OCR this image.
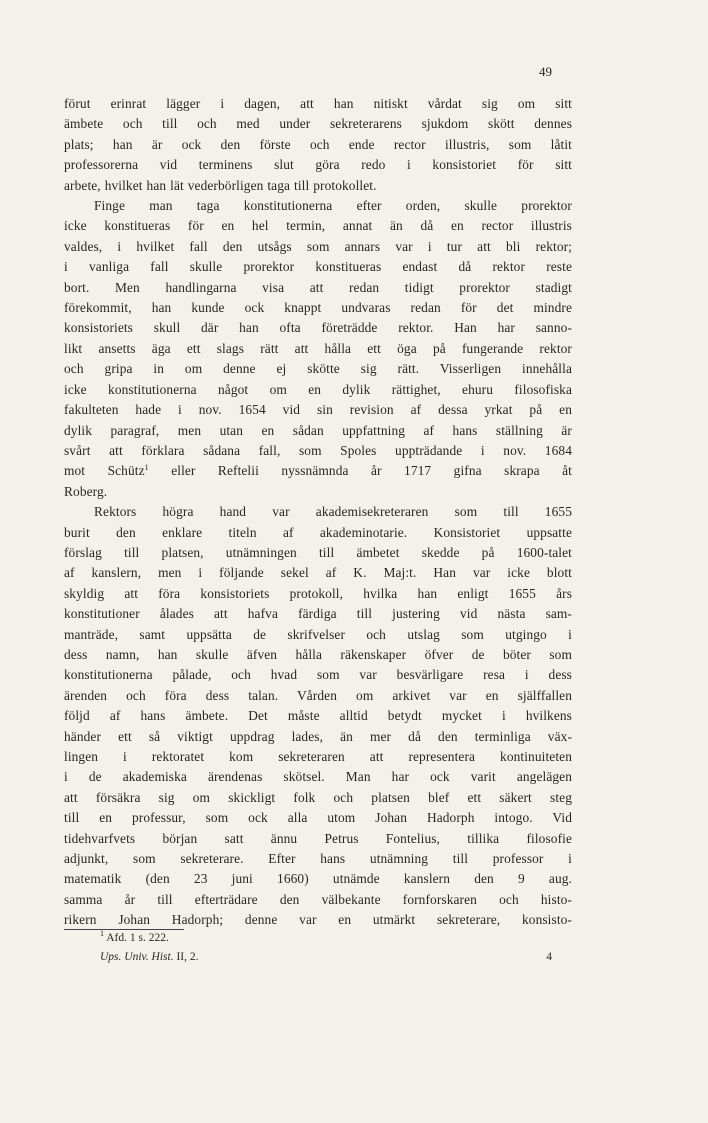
49
förut erinrat lägger i dagen, att han nitiskt vårdat sig om sitt
ämbete och till och med under sekreterarens sjukdom skött dennes
plats; han är ock den förste och ende rector illustris, som låtit
professorerna vid terminens slut göra redo i konsistoriet för sitt
arbete, hvilket han lät vederbörligen taga till protokollet.
Finge man taga konstitutionerna efter orden, skulle prorektor
icke konstitueras för en hel termin, annat än då en rector illustris
valdes, i hvilket fall den utsågs som annars var i tur att bli rektor;
i vanliga fall skulle prorektor konstitueras endast då rektor reste
bort. Men handlingarna visa att redan tidigt prorektor stadigt
förekommit, han kunde ock knappt undvaras redan för det mindre
konsistoriets skull där han ofta företrädde rektor. Han har sanno-
likt ansetts äga ett slags rätt att hålla ett öga på fungerande rektor
och gripa in om denne ej skötte sig rätt. Visserligen innehålla
icke konstitutionerna något om en dylik rättighet, ehuru filosofiska
fakulteten hade i nov. 1654 vid sin revision af dessa yrkat på en
dylik paragraf, men utan en sådan uppfattning af hans ställning är
svårt att förklara sådana fall, som Spoles uppträdande i nov. 1684
mot Schütz$^1$ eller Reftelii nyssnämnda år 1717 gifna skrapa åt
Roberg.
Rektors högra hand var akademisekreteraren som till 1655
burit den enklare titeln af akademinotarie. Konsistoriet uppsatte
förslag till platsen, utnämningen till ämbetet skedde på 1600-talet
af kanslern, men i följande sekel af K. Maj:t. Han var icke blott
skyldig att föra konsistoriets protokoll, hvilka han enligt 1655 års
konstitutioner ålades att hafva färdiga till justering vid nästa sam-
manträde, samt uppsätta de skrifvelser och utslag som utgingo i
dess namn, han skulle äfven hålla räkenskaper öfver de böter som
konstitutionerna pålade, och hvad som var besvärligare resa i dess
ärenden och föra dess talan. Vården om arkivet var en själffallen
följd af hans ämbete. Det måste alltid betydt mycket i hvilkens
händer ett så viktigt uppdrag lades, än mer då den terminliga väx-
lingen i rektoratet kom sekreteraren att representera kontinuiteten
i de akademiska ärendenas skötsel. Man har ock varit angelägen
att försäkra sig om skickligt folk och platsen blef ett säkert steg
till en professur, som ock alla utom Johan Hadorph intogo. Vid
tidehvarfvets början satt ännu Petrus Fontelius, tillika filosofie
adjunkt, som sekreterare. Efter hans utnämning till professor i
matematik (den 23 juni 1660) utnämde kanslern den 9 aug.
samma år till efterträdare den välbekante fornforskaren och histo-
rikern Johan Hadorph; denne var en utmärkt sekreterare, konsisto-
$^1$ Afd. 1 s. 222.
Ups. Univ. Hist. II, 2.	4
